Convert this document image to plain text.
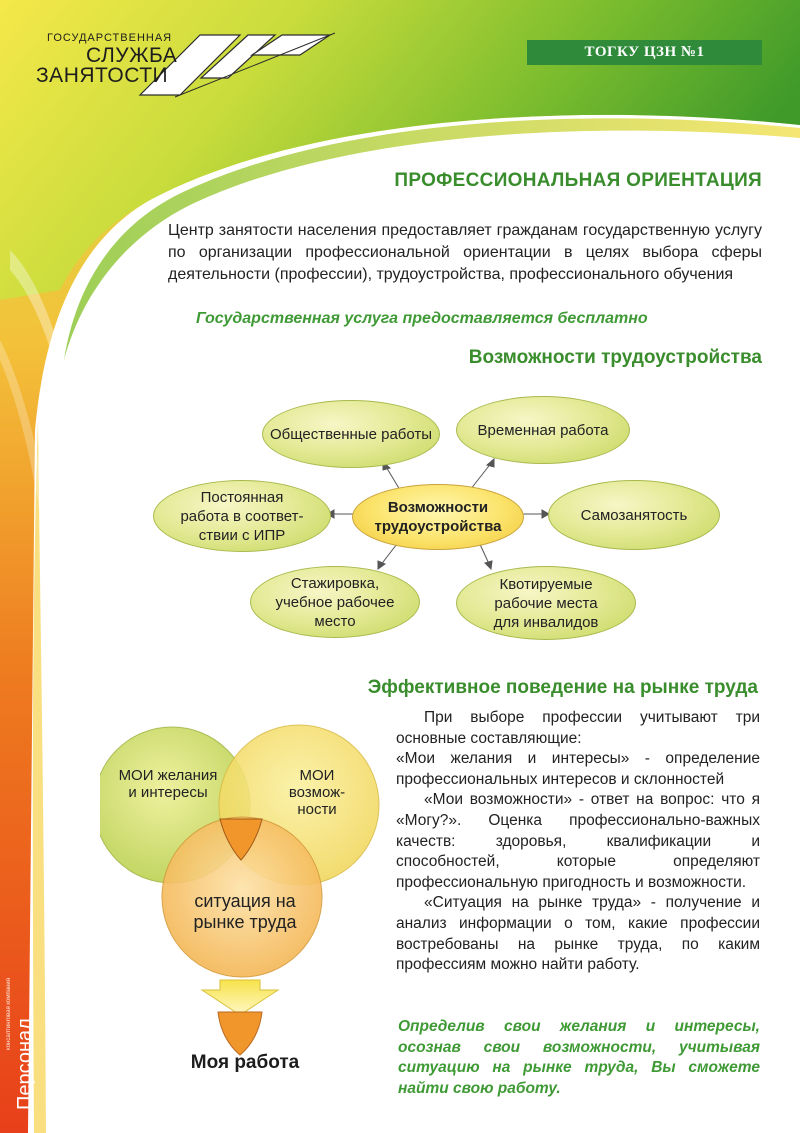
ГОСУДАРСТВЕННАЯ
СЛУЖБА
ЗАНЯТОСТИ
ТОГКУ ЦЗН №1
ПРОФЕССИОНАЛЬНАЯ ОРИЕНТАЦИЯ
Центр занятости населения предоставляет гражданам государственную услугу по организации профессиональной ориентации в целях выбора сферы деятельности (профессии), трудоустройства, профессионального обучения
Государственная услуга предоставляется бесплатно
Возможности трудоустройства
Общественные работы	Временная работа
Постоянная работа в соответ-ствии с ИПР
Возможности трудоустройства
Самозанятость
Стажировка, учебное рабочее место
Квотируемые рабочие места для инвалидов
Эффективное поведение на рынке труда
МОИ желания и интересы
МОИ возмож-ности
ситуация на рынке труда
Моя работа

При выборе профессии учитывают три основные составляющие:

«Мои желания и интересы» - определение профессиональных интересов и склонностей

«Мои возможности» - ответ на вопрос: что я «Могу?». Оценка профессионально-важных качеств: здоровья, квалификации и способностей, которые определяют профессиональную пригодность и возможности.

«Ситуация на рынке труда» - получение и анализ информации о том, какие профессии востребованы на рынке труда, по каким профессиям можно найти работу.

Определив свои желания и интересы, осознав свои возможности, учитывая ситуацию на рынке труда, Вы сможете найти свою работу.
Персонал
консалтинговая компания
